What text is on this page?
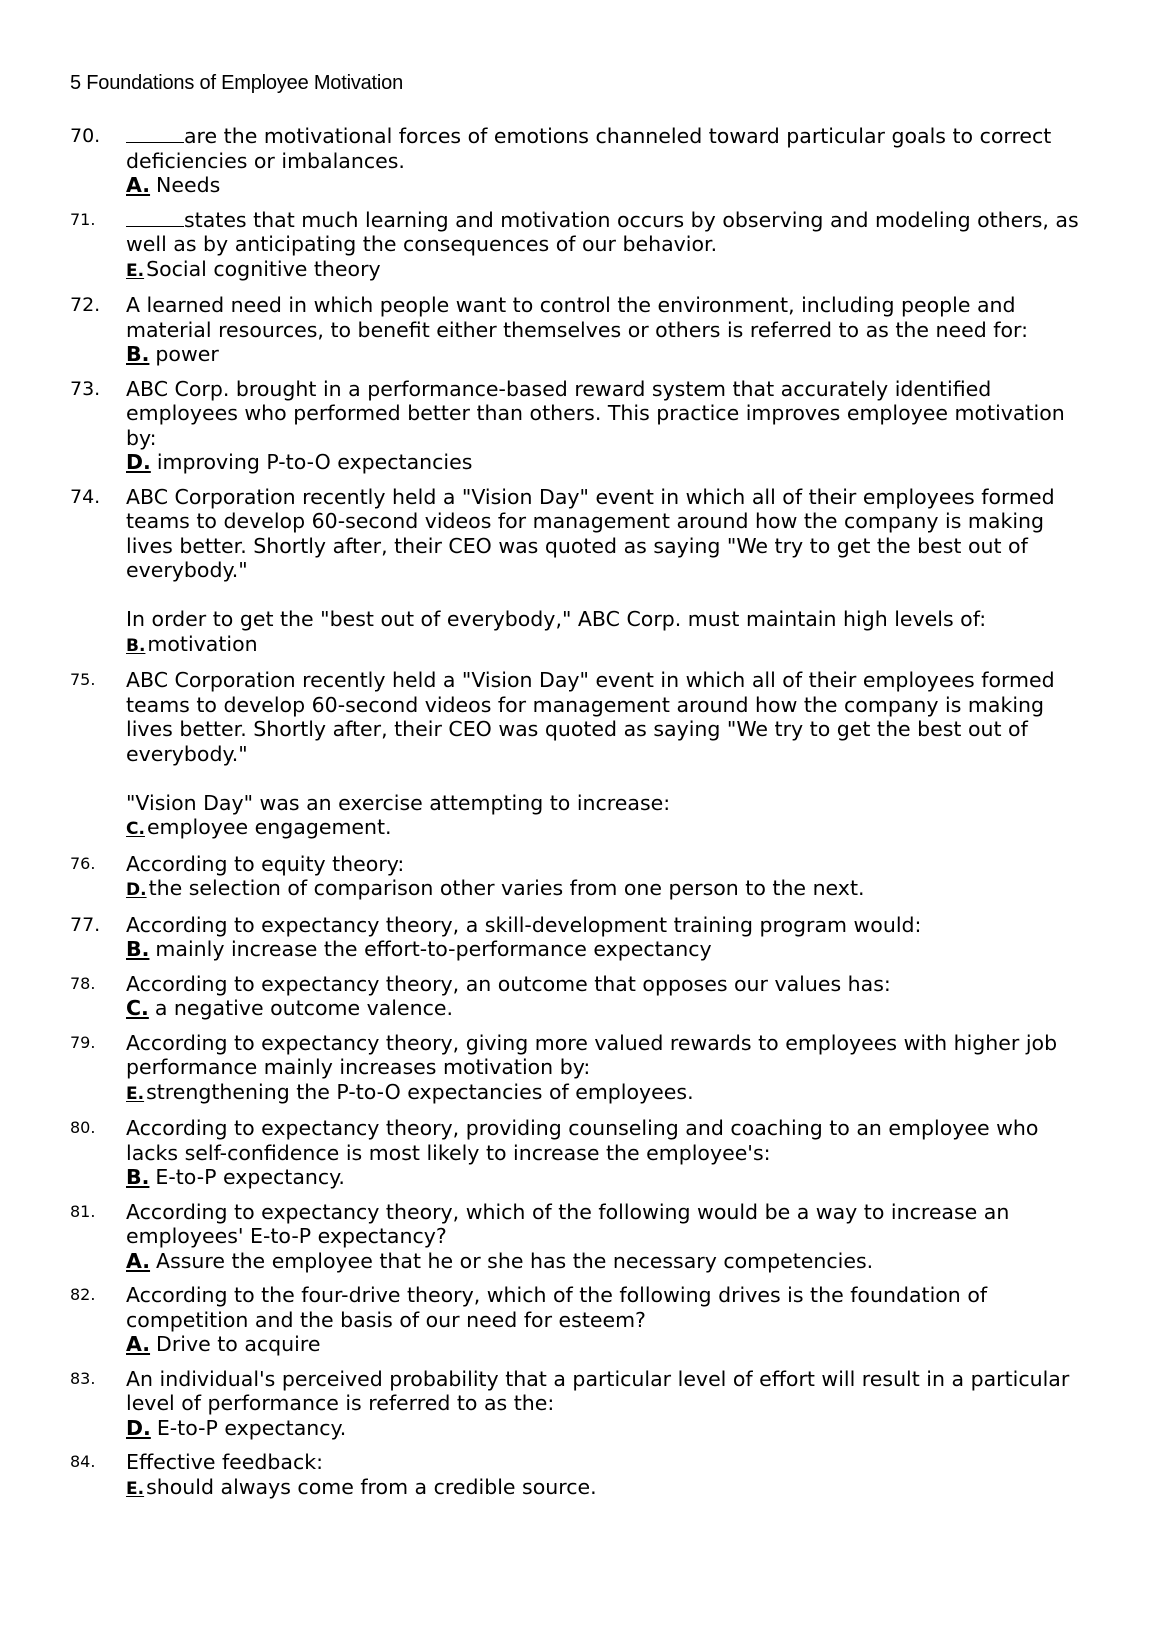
5 Foundations of Employee Motivation
70.	are the motivational forces of emotions channeled toward particular goals to correct deficiencies or imbalances.
A. Needs
71.	states that much learning and motivation occurs by observing and modeling others, as well as by anticipating the consequences of our behavior.
E.Social cognitive theory
72.	A learned need in which people want to control the environment, including people and material resources, to benefit either themselves or others is referred to as the need for:
B. power
73.	ABC Corp. brought in a performance-based reward system that accurately identified employees who performed better than others. This practice improves employee motivation by:
D. improving P-to-O expectancies
74.	ABC Corporation recently held a "Vision Day" event in which all of their employees formed teams to develop 60-second videos for management around how the company is making lives better. Shortly after, their CEO was quoted as saying "We try to get the best out of everybody."
In order to get the "best out of everybody," ABC Corp. must maintain high levels of:
B.motivation
75.	ABC Corporation recently held a "Vision Day" event in which all of their employees formed teams to develop 60-second videos for management around how the company is making lives better. Shortly after, their CEO was quoted as saying "We try to get the best out of everybody."
"Vision Day" was an exercise attempting to increase:
C.employee engagement.
76.	According to equity theory:
D.the selection of comparison other varies from one person to the next.
77.	According to expectancy theory, a skill-development training program would:
B. mainly increase the effort-to-performance expectancy
78.	According to expectancy theory, an outcome that opposes our values has:
C. a negative outcome valence.
79.	According to expectancy theory, giving more valued rewards to employees with higher job performance mainly increases motivation by:
E.strengthening the P-to-O expectancies of employees.
80.	According to expectancy theory, providing counseling and coaching to an employee who lacks self-confidence is most likely to increase the employee's:
B. E-to-P expectancy.
81.	According to expectancy theory, which of the following would be a way to increase an employees' E-to-P expectancy?
A. Assure the employee that he or she has the necessary competencies.
82.	According to the four-drive theory, which of the following drives is the foundation of competition and the basis of our need for esteem?
A. Drive to acquire
83.	An individual's perceived probability that a particular level of effort will result in a particular level of performance is referred to as the:
D. E-to-P expectancy.
84.	Effective feedback:
E.should always come from a credible source.
